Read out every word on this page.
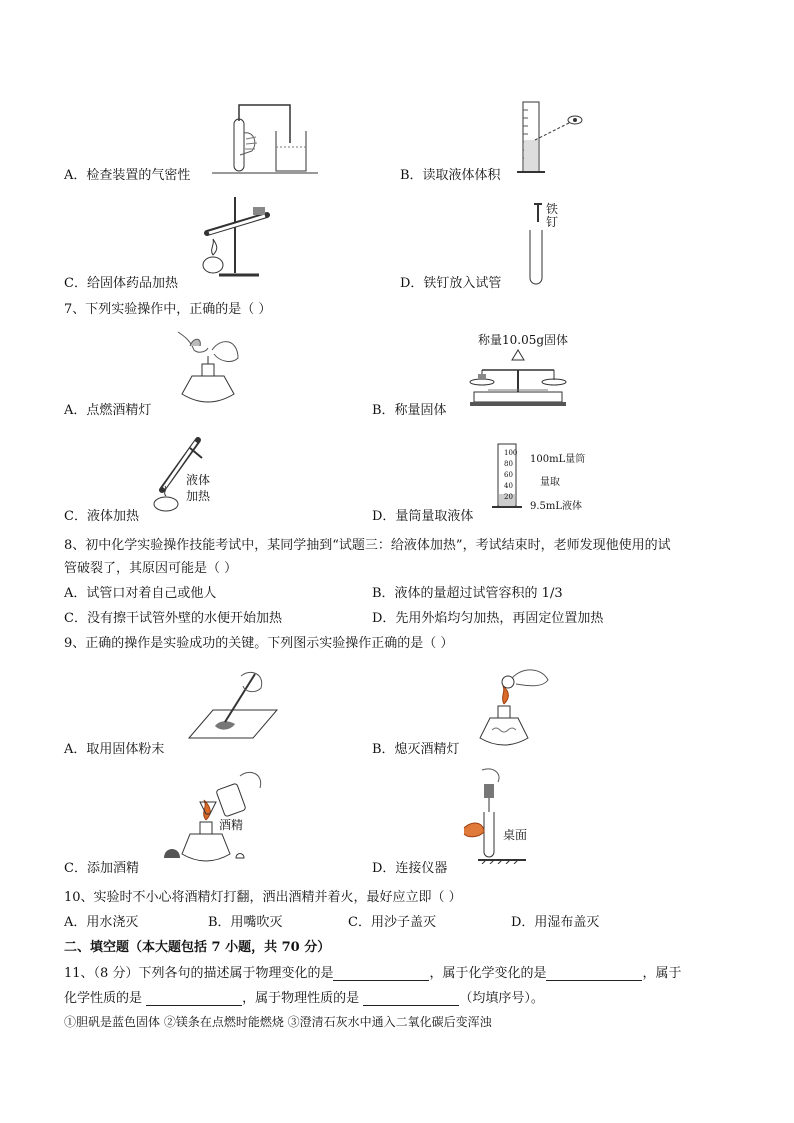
A．检查装置的气密性	B．读取液体体积
C．给固体药品加热
铁
钉
D．铁钉放入试管
7、下列实验操作中，正确的是（ ）
A．点燃酒精灯
称量10.05g固体
B．称量固体
液体
加热
C．液体加热
100
80
60
40
20
100mL量筒
量取
9.5mL液体
D．量筒量取液体
8、初中化学实验操作技能考试中，某同学抽到“试题三：给液体加热”，考试结束时，老师发现他使用的试
管破裂了，其原因可能是（ ）
A．试管口对着自己或他人	B．液体的量超过试管容积的 1/3
C．没有擦干试管外壁的水便开始加热	D．先用外焰均匀加热，再固定位置加热
9、正确的操作是实验成功的关键。下列图示实验操作正确的是（ ）
A．取用固体粉末	B．熄灭酒精灯
酒精
C．添加酒精
桌面
D．连接仪器
10、实验时不小心将酒精灯打翻，洒出酒精并着火，最好应立即（ ）
A．用水浇灭	B．用嘴吹灭	C．用沙子盖灭	D．用湿布盖灭
二、填空题（本大题包括 7 小题，共 70 分）
11、（8 分）下列各句的描述属于物理变化的是	，属于化学变化的是	，属于
化学性质的是	，属于物理性质的是	（均填序号）。
①胆矾是蓝色固体 ②镁条在点燃时能燃烧 ③澄清石灰水中通入二氧化碳后变浑浊
